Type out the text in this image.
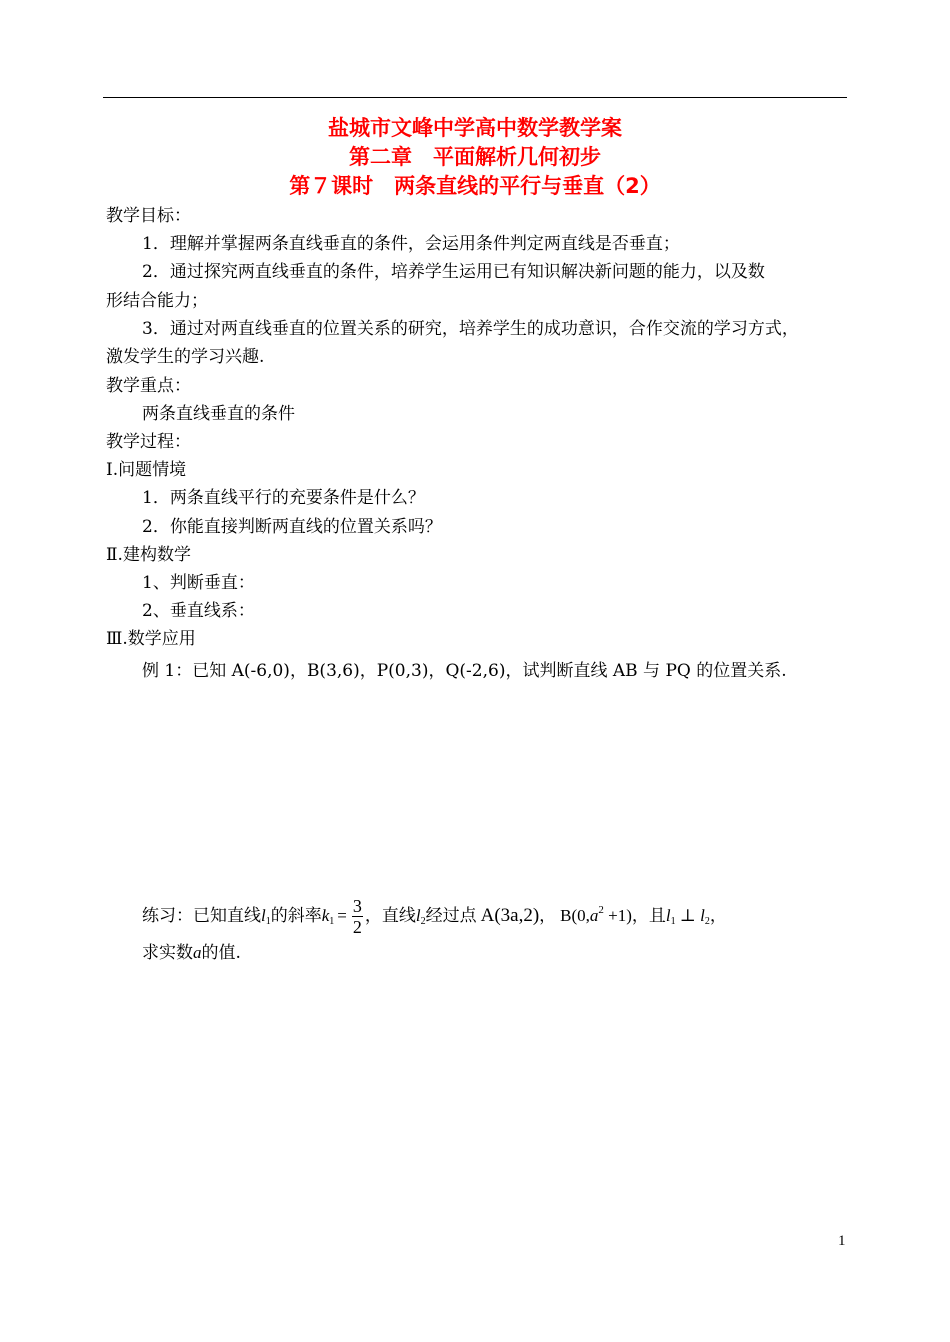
盐城市文峰中学高中数学教学案
第二章　平面解析几何初步
第７课时　两条直线的平行与垂直（2）
教学目标：
1．理解并掌握两条直线垂直的条件，会运用条件判定两直线是否垂直；
2．通过探究两直线垂直的条件，培养学生运用已有知识解决新问题的能力，以及数
形结合能力；
3．通过对两直线垂直的位置关系的研究，培养学生的成功意识，合作交流的学习方式，
激发学生的学习兴趣.
教学重点：
两条直线垂直的条件
教学过程：
Ⅰ.问题情境
1．两条直线平行的充要条件是什么？
2．你能直接判断两直线的位置关系吗？
Ⅱ.建构数学
1、判断垂直：
2、垂直线系：
Ⅲ.数学应用
例 1：已知 A(-6,0)，B(3,6)，P(0,3)，Q(-2,6)，试判断直线 AB 与 PQ 的位置关系.
练习：已知直线$l_1$的斜率$k_1 = \frac{3}{2}$ ，直线$l_2$经过点 A(3a,2)， $B(0,a^2 +1)$，且$l_1$ ⊥ $l_2$，
求实数a的值.
1
